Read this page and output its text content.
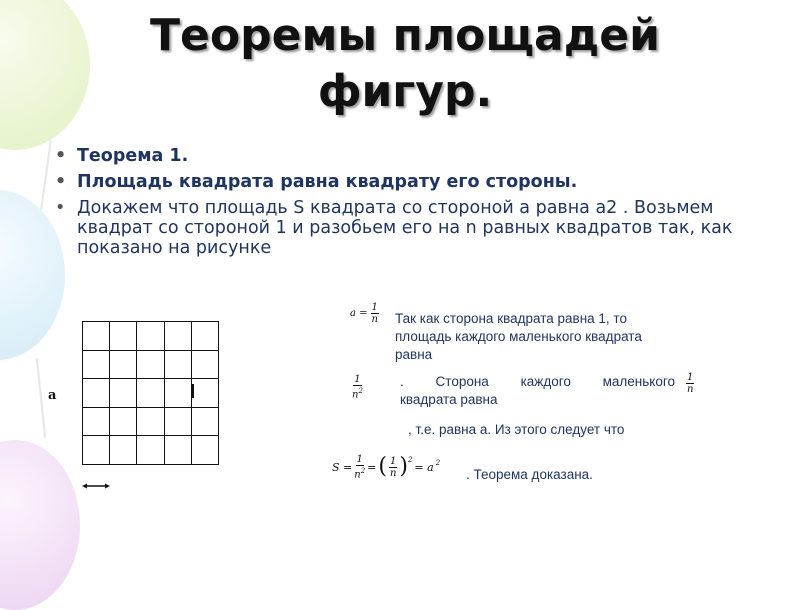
Теоремы площадей фигур.
• Теорема 1.
• Площадь квадрата равна квадрату его стороны.
• Докажем что площадь S квадрата со стороной а равна а2 . Возьмем квадрат со стороной 1 и разобьем его на n равных квадратов так, как показано на рисунке

a
$a = \frac{1}{n}$ Так как сторона квадрата равна 1, то площадь каждого маленького квадрата равна
$\frac{1}{n^2}$	. Сторона каждого маленького
квадрата равна
$\frac{1}{n}$
, т.е. равна а. Из этого следует что
$S = \frac{1}{n^2}$ = ( $\frac{1}{n} )^2$
= a $^2$
. Теорема доказана.
